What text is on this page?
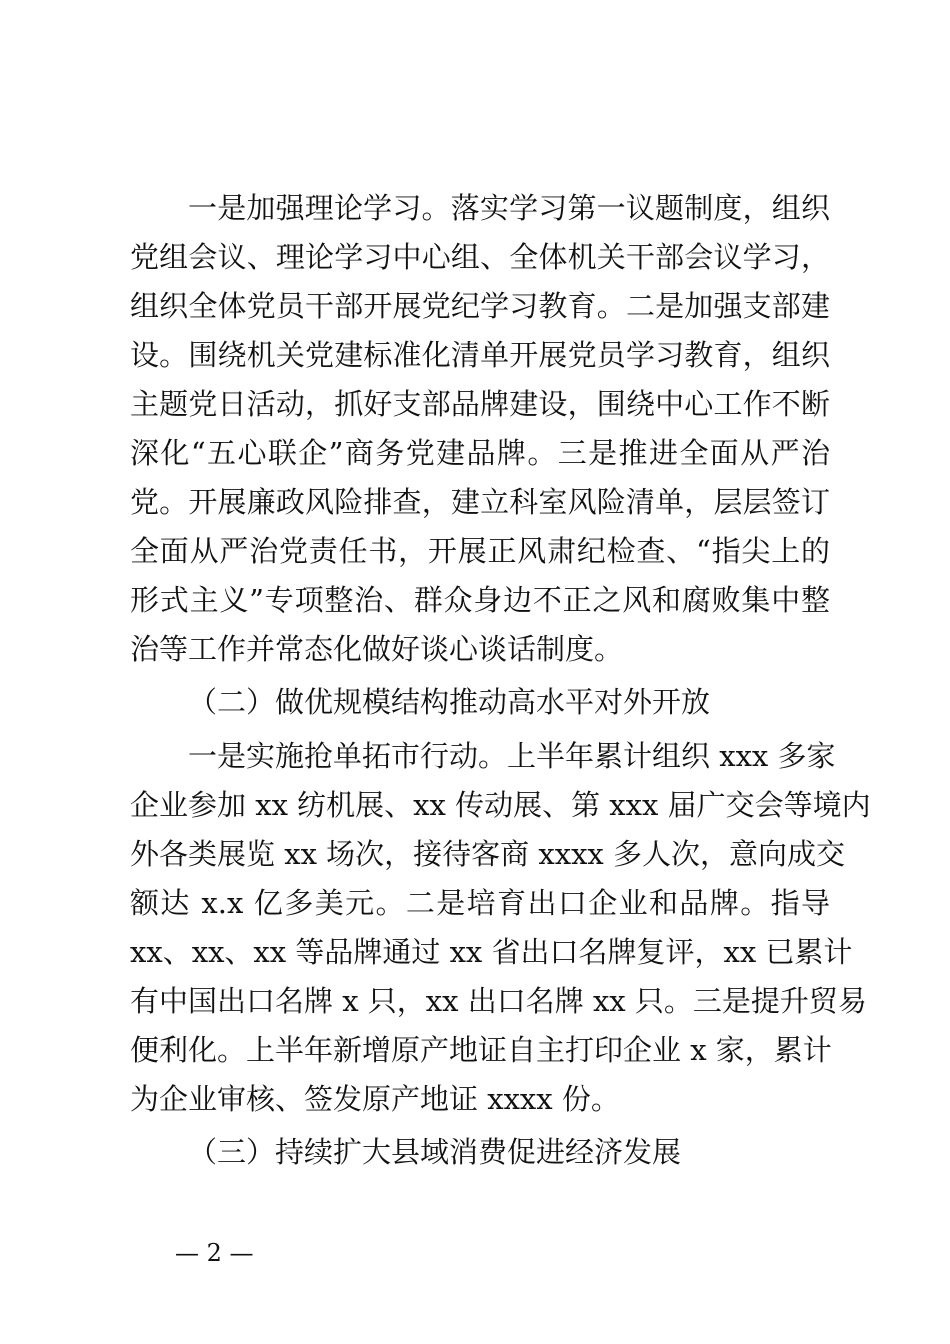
一是加强理论学习。落实学习第一议题制度，组织
党组会议、理论学习中心组、全体机关干部会议学习，
组织全体党员干部开展党纪学习教育。二是加强支部建
设。围绕机关党建标准化清单开展党员学习教育，组织
主题党日活动，抓好支部品牌建设，围绕中心工作不断
深化“五心联企”商务党建品牌。三是推进全面从严治
党。开展廉政风险排查，建立科室风险清单，层层签订
全面从严治党责任书，开展正风肃纪检查、“指尖上的
形式主义”专项整治、群众身边不正之风和腐败集中整
治等工作并常态化做好谈心谈话制度。
（二）做优规模结构推动高水平对外开放
一是实施抢单拓市行动。上半年累计组织 xxx 多家
企业参加 xx 纺机展、xx 传动展、第 xxx 届广交会等境内
外各类展览 xx 场次，接待客商 xxxx 多人次，意向成交
额达 x.x 亿多美元。二是培育出口企业和品牌。指导
xx、xx、xx 等品牌通过 xx 省出口名牌复评，xx 已累计
有中国出口名牌 x 只，xx 出口名牌 xx 只。三是提升贸易
便利化。上半年新增原产地证自主打印企业 x 家，累计
为企业审核、签发原产地证 xxxx 份。
（三）持续扩大县域消费促进经济发展
— 2 —
